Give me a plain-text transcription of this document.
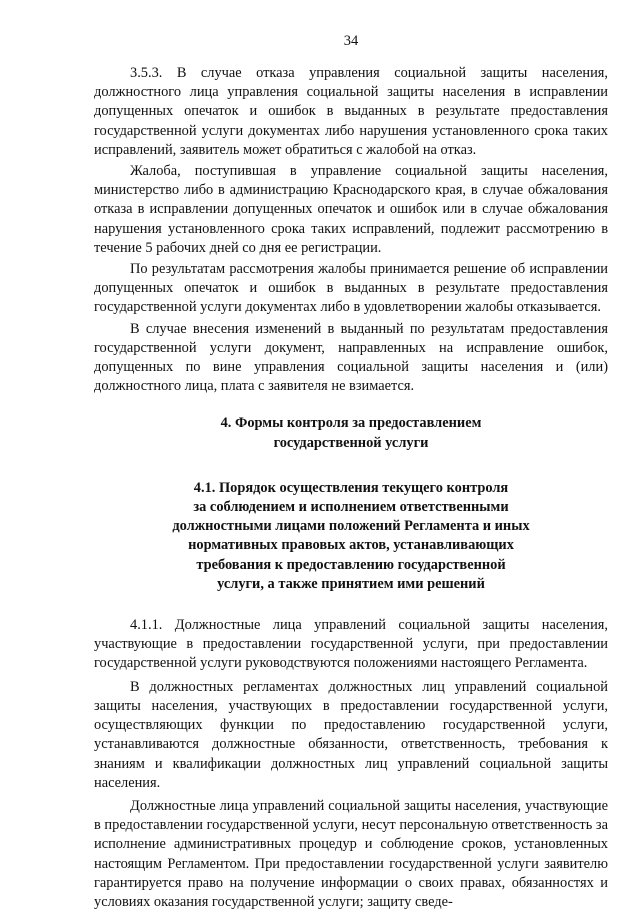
34

3.5.3. В случае отказа управления социальной защиты населения, должностного лица управления социальной защиты населения в исправлении допущенных опечаток и ошибок в выданных в результате предоставления государственной услуги документах либо нарушения установленного срока таких исправлений, заявитель может обратиться с жалобой на отказ.

Жалоба, поступившая в управление социальной защиты населения, министерство либо в администрацию Краснодарского края, в случае обжалования отказа в исправлении допущенных опечаток и ошибок или в случае обжалования нарушения установленного срока таких исправлений, подлежит рассмотрению в течение 5 рабочих дней со дня ее регистрации.

По результатам рассмотрения жалобы принимается решение об исправлении допущенных опечаток и ошибок в выданных в результате предоставления государственной услуги документах либо в удовлетворении жалобы отказывается.

В случае внесения изменений в выданный по результатам предоставления государственной услуги документ, направленных на исправление ошибок, допущенных по вине управления социальной защиты населения и (или) должностного лица, плата с заявителя не взимается.

4. Формы контроля за предоставлением
государственной услуги
4.1. Порядок осуществления текущего контроля
за соблюдением и исполнением ответственными
должностными лицами положений Регламента и иных
нормативных правовых актов, устанавливающих
требования к предоставлению государственной
услуги, а также принятием ими решений

4.1.1. Должностные лица управлений социальной защиты населения, участвующие в предоставлении государственной услуги, при предоставлении государственной услуги руководствуются положениями настоящего Регламента.

В должностных регламентах должностных лиц управлений социальной защиты населения, участвующих в предоставлении государственной услуги, осуществляющих функции по предоставлению государственной услуги, устанавливаются должностные обязанности, ответственность, требования к знаниям и квалификации должностных лиц управлений социальной защиты населения.

Должностные лица управлений социальной защиты населения, участвующие в предоставлении государственной услуги, несут персональную ответственность за исполнение административных процедур и соблюдение сроков, установленных настоящим Регламентом. При предоставлении государственной услуги заявителю гарантируется право на получение информации о своих правах, обязанностях и условиях оказания государственной услуги; защиту сведе-
